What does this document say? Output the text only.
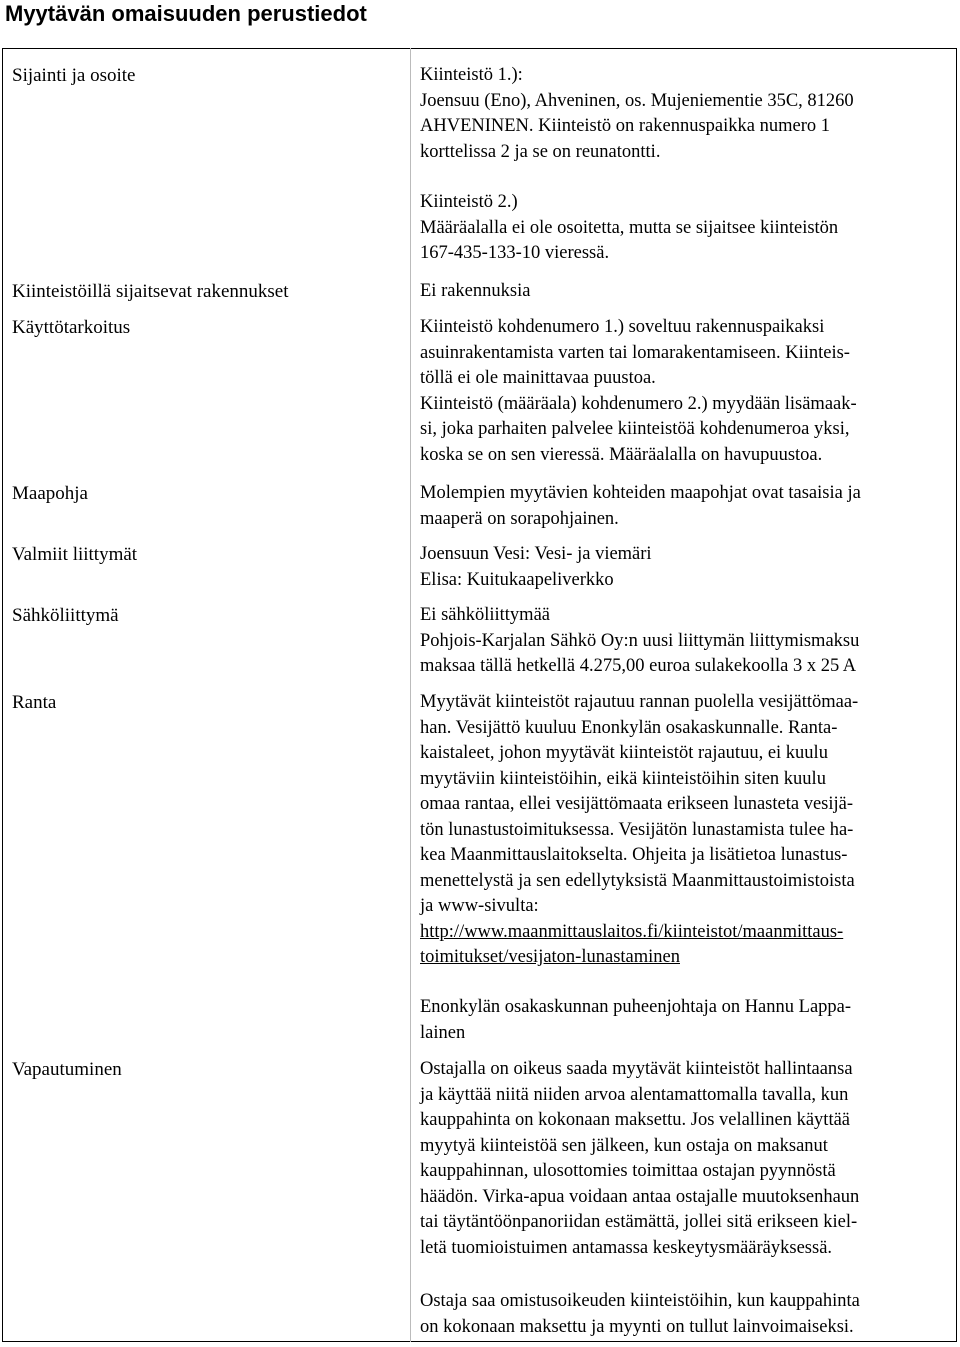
Myytävän omaisuuden perustiedot
Sijainti ja osoite
Kiinteistöillä sijaitsevat rakennukset
Käyttötarkoitus
Maapohja
Valmiit liittymät
Sähköliittymä
Ranta
Vapautuminen

Kiinteistö 1.):

Joensuu (Eno), Ahveninen, os. Mujeniementie 35C, 81260

AHVENINEN. Kiinteistö on rakennuspaikka numero 1

korttelissa 2 ja se on reunatontti.

Kiinteistö 2.)

Määräalalla ei ole osoitetta, mutta se sijaitsee kiinteistön

167-435-133-10 vieressä.

Ei rakennuksia

Kiinteistö kohdenumero 1.) soveltuu rakennuspaikaksi

asuinrakentamista varten tai lomarakentamiseen. Kiinteis-

töllä ei ole mainittavaa puustoa.

Kiinteistö (määräala) kohdenumero 2.) myydään lisämaak-

si, joka parhaiten palvelee kiinteistöä kohdenumeroa yksi,

koska se on sen vieressä. Määräalalla on havupuustoa.

Molempien myytävien kohteiden maapohjat ovat tasaisia ja

maaperä on sorapohjainen.

Joensuun Vesi: Vesi- ja viemäri

Elisa: Kuitukaapeliverkko

Ei sähköliittymää

Pohjois-Karjalan Sähkö Oy:n uusi liittymän liittymismaksu

maksaa tällä hetkellä 4.275,00 euroa sulakekoolla 3 x 25 A

Myytävät kiinteistöt rajautuu rannan puolella vesijättömaa-

han. Vesijättö kuuluu Enonkylän osakaskunnalle. Ranta-

kaistaleet, johon myytävät kiinteistöt rajautuu, ei kuulu

myytäviin kiinteistöihin, eikä kiinteistöihin siten kuulu

omaa rantaa, ellei vesijättömaata erikseen lunasteta vesijä-

tön lunastustoimituksessa. Vesijätön lunastamista tulee ha-

kea Maanmittauslaitokselta. Ohjeita ja lisätietoa lunastus-

menettelystä ja sen edellytyksistä Maanmittaustoimistoista

ja www-sivulta:

http://www.maanmittauslaitos.fi/kiinteistot/maanmittaus-

toimitukset/vesijaton-lunastaminen

Enonkylän osakaskunnan puheenjohtaja on Hannu Lappa-

lainen

Ostajalla on oikeus saada myytävät kiinteistöt hallintaansa

ja käyttää niitä niiden arvoa alentamattomalla tavalla, kun

kauppahinta on kokonaan maksettu. Jos velallinen käyttää

myytyä kiinteistöä sen jälkeen, kun ostaja on maksanut

kauppahinnan, ulosottomies toimittaa ostajan pyynnöstä

häädön. Virka-apua voidaan antaa ostajalle muutoksenhaun

tai täytäntöönpanoriidan estämättä, jollei sitä erikseen kiel-

letä tuomioistuimen antamassa keskeytysmääräyksessä.

Ostaja saa omistusoikeuden kiinteistöihin, kun kauppahinta

on kokonaan maksettu ja myynti on tullut lainvoimaiseksi.
